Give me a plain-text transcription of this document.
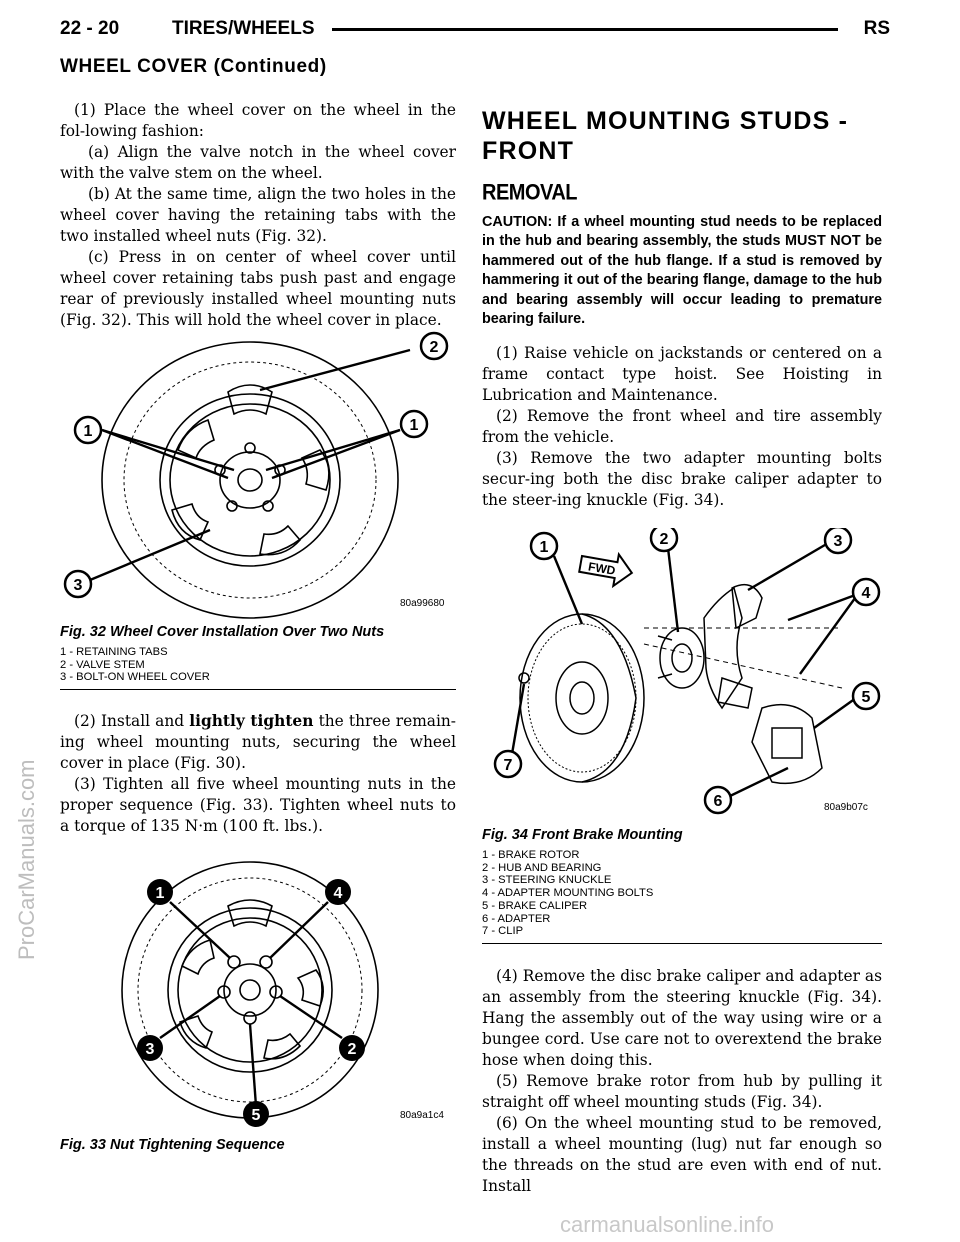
22 - 20	TIRES/WHEELS	RS
WHEEL COVER (Continued)

(1) Place the wheel cover on the wheel in the fol-lowing fashion:

(a) Align the valve notch in the wheel cover with the valve stem on the wheel.

(b) At the same time, align the two holes in the wheel cover having the retaining tabs with the two installed wheel nuts (Fig. 32).

(c) Press in on center of wheel cover until wheel cover retaining tabs push past and engage rear of previously installed wheel mounting nuts (Fig. 32). This will hold the wheel cover in place.

1
2
1
3
80a99680
Fig. 32 Wheel Cover Installation Over Two Nuts
1 - RETAINING TABS
2 - VALVE STEM
3 - BOLT-ON WHEEL COVER

(2) Install and lightly tighten the three remain-ing wheel mounting nuts, securing the wheel cover in place (Fig. 30).

(3) Tighten all five wheel mounting nuts in the proper sequence (Fig. 33). Tighten wheel nuts to a torque of 135 N·m (100 ft. lbs.).

1	4
3	2
5	80a9a1c4
Fig. 33 Nut Tightening Sequence
WHEEL MOUNTING STUDS - FRONT
REMOVAL
CAUTION: If a wheel mounting stud needs to be replaced in the hub and bearing assembly, the studs MUST NOT be hammered out of the hub flange. If a stud is removed by hammering it out of the bearing flange, damage to the hub and bearing assembly will occur leading to premature bearing failure.

(1) Raise vehicle on jackstands or centered on a frame contact type hoist. See Hoisting in Lubrication and Maintenance.

(2) Remove the front wheel and tire assembly from the vehicle.

(3) Remove the two adapter mounting bolts secur-ing both the disc brake caliper adapter to the steer-ing knuckle (Fig. 34).

FWD
1	2	3
4
5
6
7
80a9b07c
Fig. 34 Front Brake Mounting
1 - BRAKE ROTOR
2 - HUB AND BEARING
3 - STEERING KNUCKLE
4 - ADAPTER MOUNTING BOLTS
5 - BRAKE CALIPER
6 - ADAPTER
7 - CLIP

(4) Remove the disc brake caliper and adapter as an assembly from the steering knuckle (Fig. 34). Hang the assembly out of the way using wire or a bungee cord. Use care not to overextend the brake hose when doing this.

(5) Remove brake rotor from hub by pulling it straight off wheel mounting studs (Fig. 34).

(6) On the wheel mounting stud to be removed, install a wheel mounting (lug) nut far enough so the threads on the stud are even with end of nut. Install

ProCarManuals.com
carmanualsonline.info
